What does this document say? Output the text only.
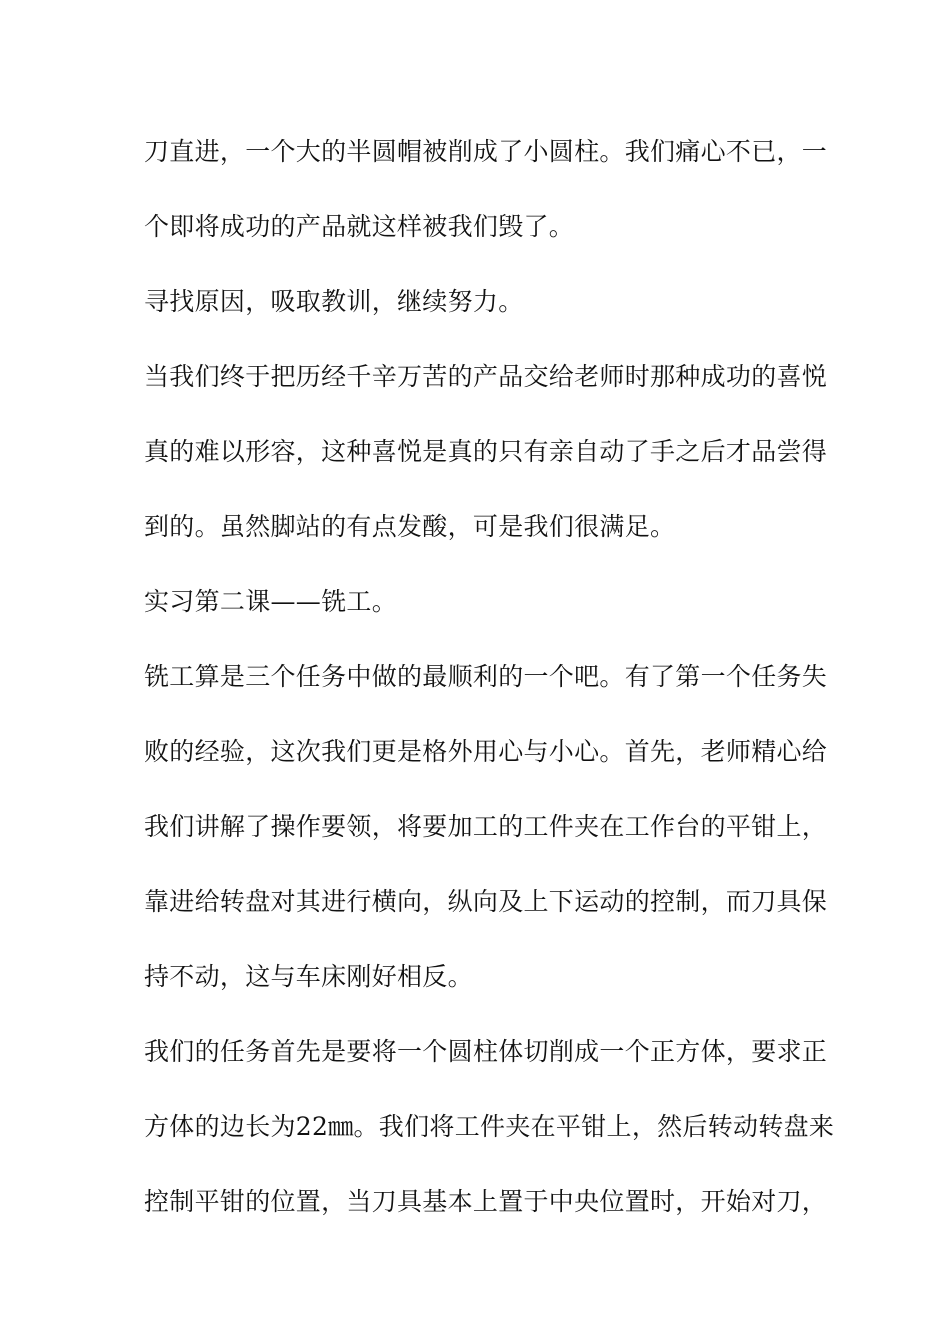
刀直进，一个大的半圆帽被削成了小圆柱。我们痛心不已，一
个即将成功的产品就这样被我们毁了。
寻找原因，吸取教训，继续努力。
当我们终于把历经千辛万苦的产品交给老师时那种成功的喜悦
真的难以形容，这种喜悦是真的只有亲自动了手之后才品尝得
到的。虽然脚站的有点发酸，可是我们很满足。
实习第二课——铣工。
铣工算是三个任务中做的最顺利的一个吧。有了第一个任务失
败的经验，这次我们更是格外用心与小心。首先，老师精心给
我们讲解了操作要领，将要加工的工件夹在工作台的平钳上，
靠进给转盘对其进行横向，纵向及上下运动的控制，而刀具保
持不动，这与车床刚好相反。
我们的任务首先是要将一个圆柱体切削成一个正方体，要求正
方体的边长为22㎜。我们将工件夹在平钳上，然后转动转盘来
控制平钳的位置，当刀具基本上置于中央位置时，开始对刀，
